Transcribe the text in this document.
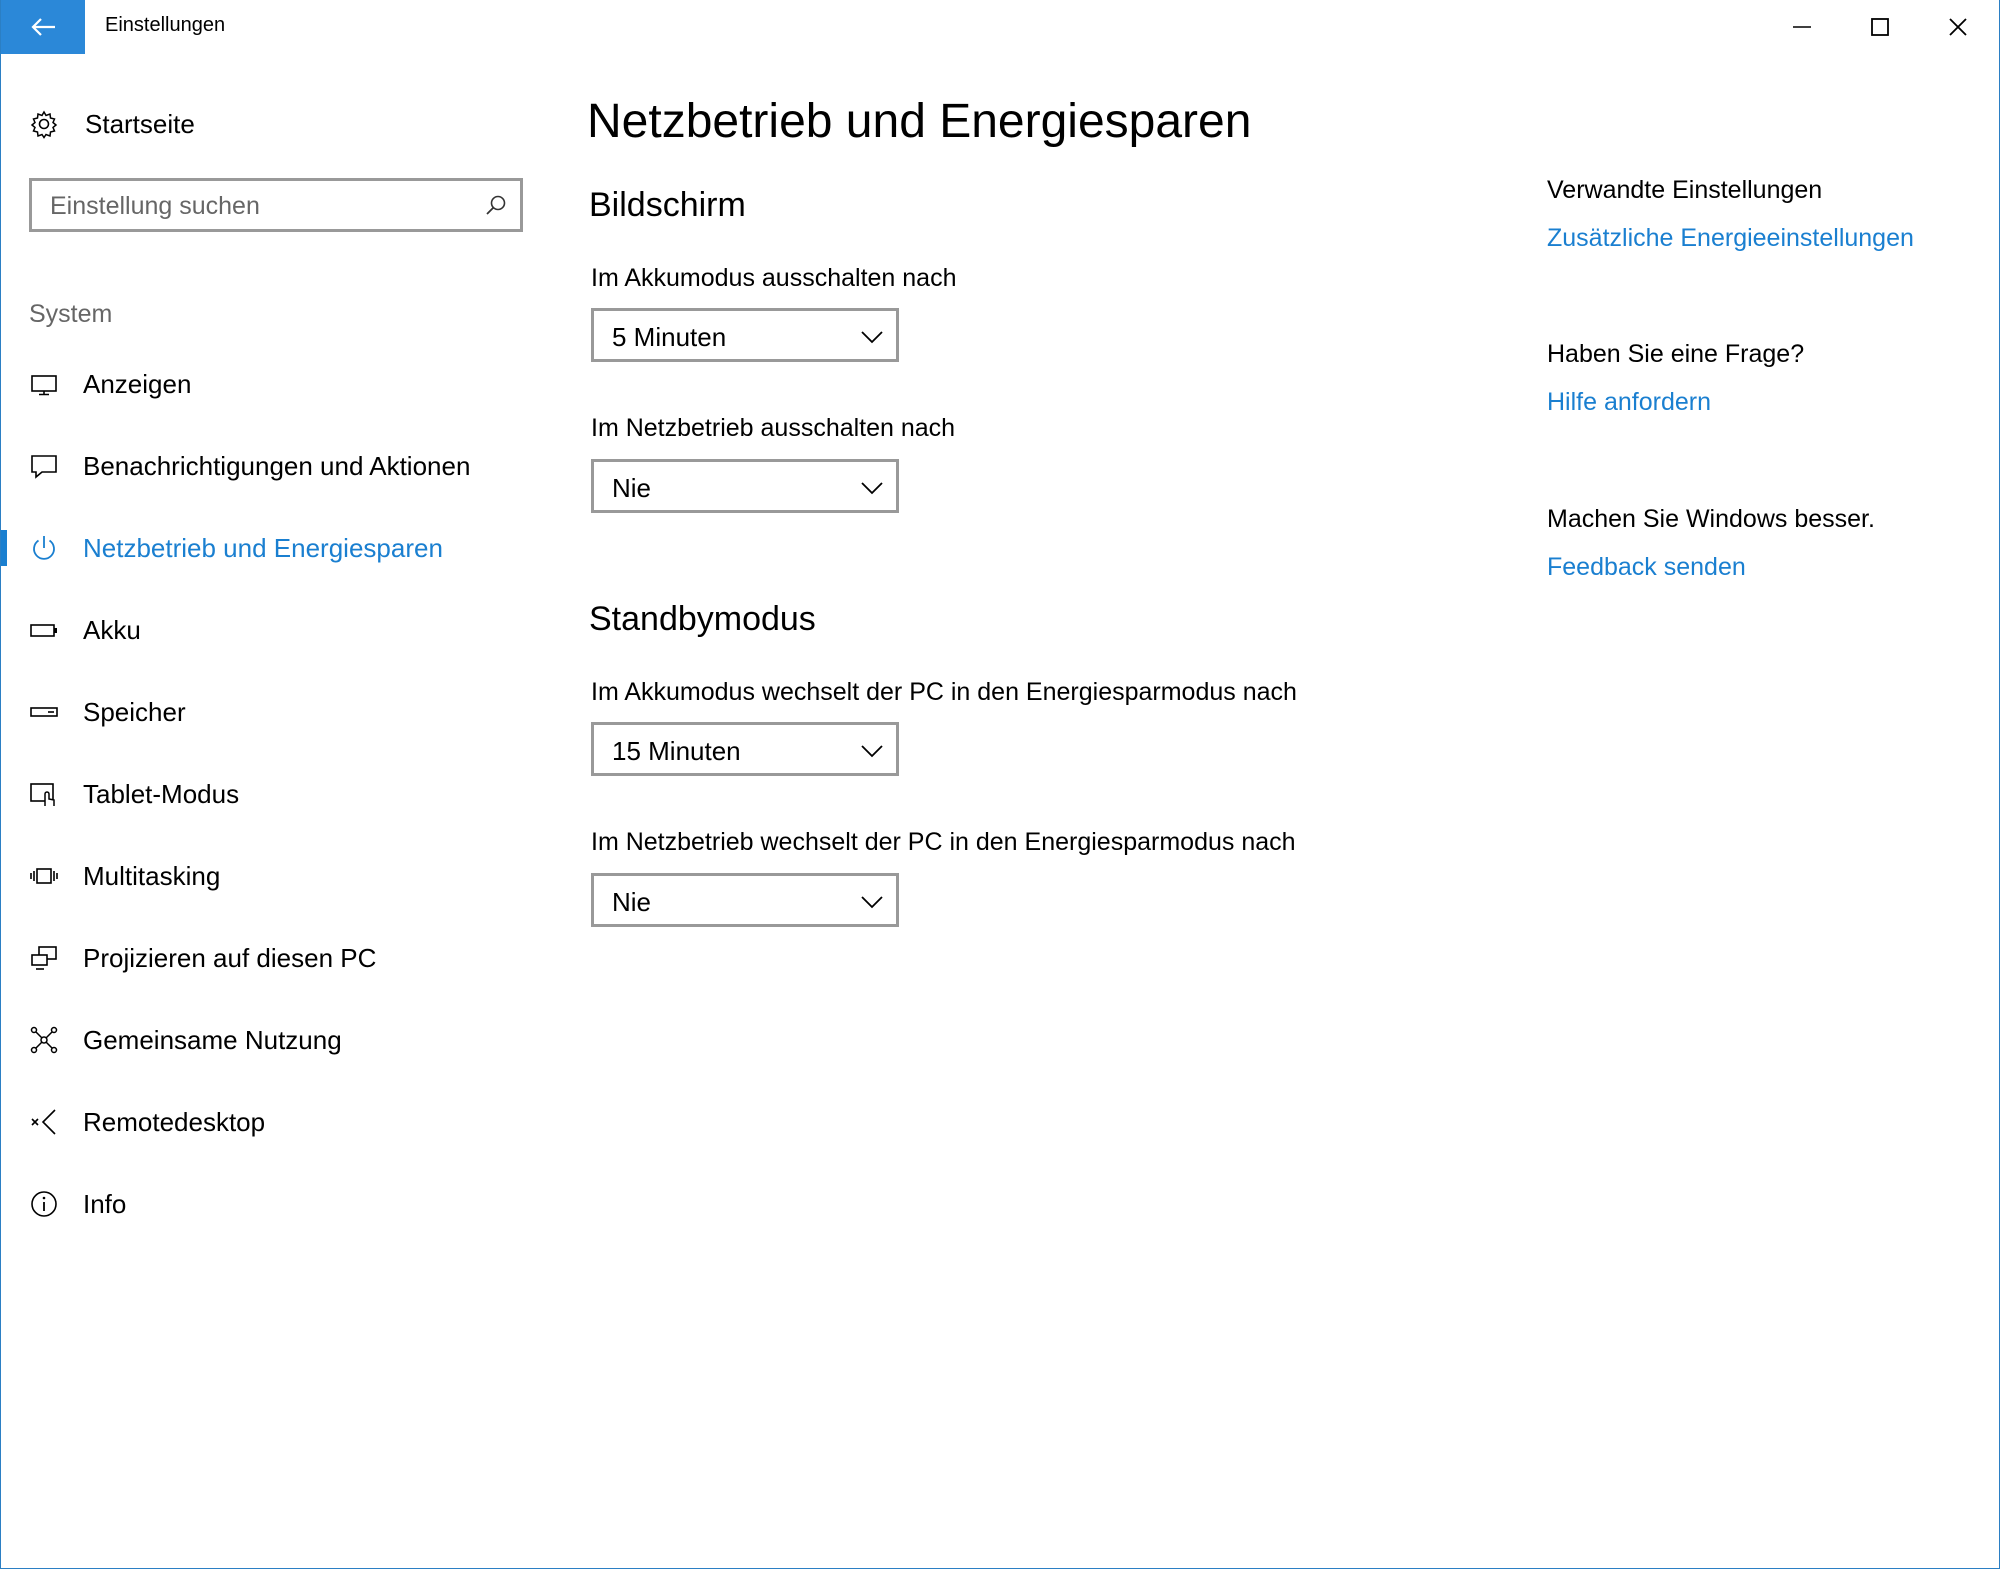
Einstellungen
Startseite
Einstellung suchen
System
Anzeigen
Benachrichtigungen und Aktionen
Netzbetrieb und Energiesparen
Akku
Speicher
Tablet-Modus
Multitasking
Projizieren auf diesen PC
Gemeinsame Nutzung
Remotedesktop
Info
Netzbetrieb und Energiesparen
Bildschirm
Im Akkumodus ausschalten nach
5 Minuten
Im Netzbetrieb ausschalten nach
Nie
Standbymodus
Im Akkumodus wechselt der PC in den Energiesparmodus nach
15 Minuten
Im Netzbetrieb wechselt der PC in den Energiesparmodus nach
Nie
Verwandte Einstellungen
Zusätzliche Energieeinstellungen
Haben Sie eine Frage?
Hilfe anfordern
Machen Sie Windows besser.
Feedback senden
